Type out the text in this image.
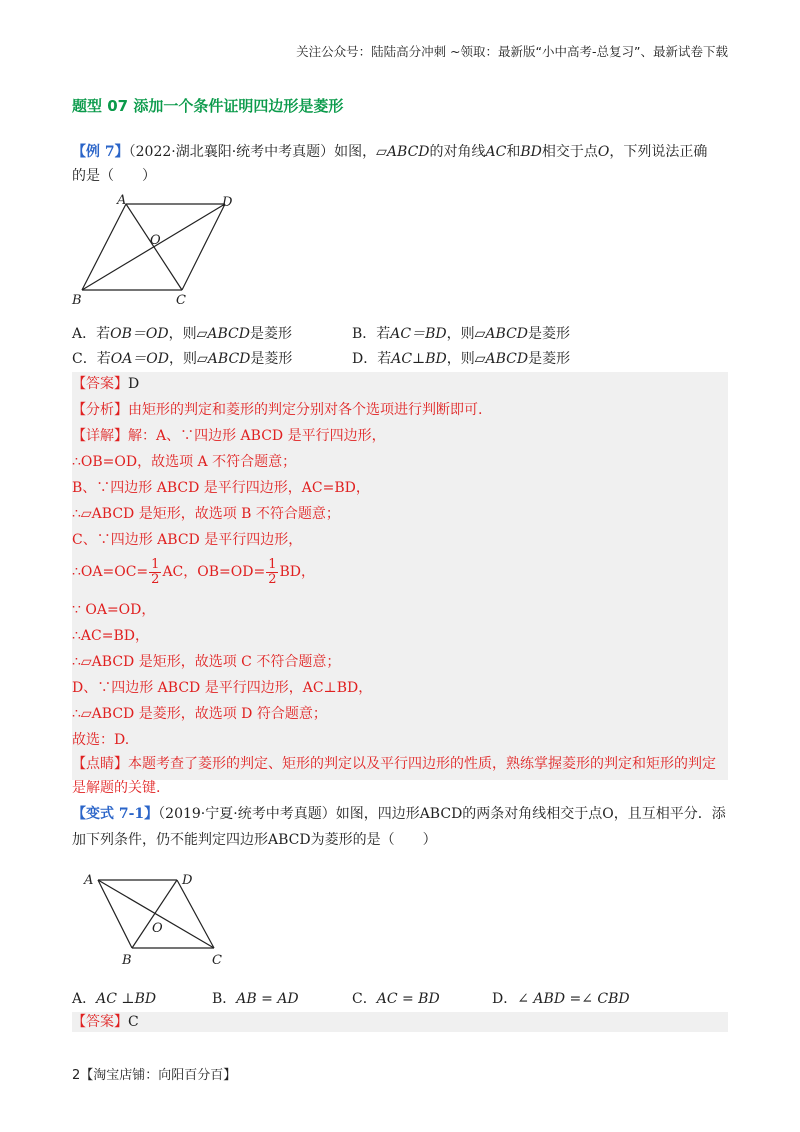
关注公众号：陆陆高分冲刺 ~领取：最新版“小中高考-总复习”、最新试卷下载
题型 07 添加一个条件证明四边形是菱形
【例 7】（2022·湖北襄阳·统考中考真题）如图，▱ABCD的对角线AC和BD相交于点O，下列说法正确
的是（　　）
A	D
O
B	C
A．若OB＝OD，则▱ABCD是菱形	B．若AC＝BD，则▱ABCD是菱形
C．若OA＝OD，则▱ABCD是菱形	D．若AC⊥BD，则▱ABCD是菱形
【答案】D
【分析】由矩形的判定和菱形的判定分别对各个选项进行判断即可.
【详解】解：A、∵四边形 ABCD 是平行四边形，
∴OB=OD，故选项 A 不符合题意；
B、∵四边形 ABCD 是平行四边形，AC=BD，
∴▱ABCD 是矩形，故选项 B 不符合题意；
C、∵四边形 ABCD 是平行四边形，
∴OA=OC= $\frac{1}{2}$ AC，$OB=OD= \frac{1}{2}$ BD，
∵ OA=OD，
∴AC=BD，
∴▱ABCD 是矩形，故选项 C 不符合题意；
D、∵四边形 ABCD 是平行四边形，AC⊥BD，
∴▱ABCD 是菱形，故选项 D 符合题意；
故选：D.
【点睛】本题考查了菱形的判定、矩形的判定以及平行四边形的性质，熟练掌握菱形的判定和矩形的判定
是解题的关键.
【变式 7-1】（2019·宁夏·统考中考真题）如图，四边形ABCD的两条对角线相交于点O，且互相平分．添
加下列条件，仍不能判定四边形ABCD为菱形的是（　　）
A	D
O
B	C
A．AC ⊥BD	B．AB = AD	C．AC = BD	D．∠ ABD =∠ CBD
【答案】C
2【淘宝店铺：向阳百分百】
